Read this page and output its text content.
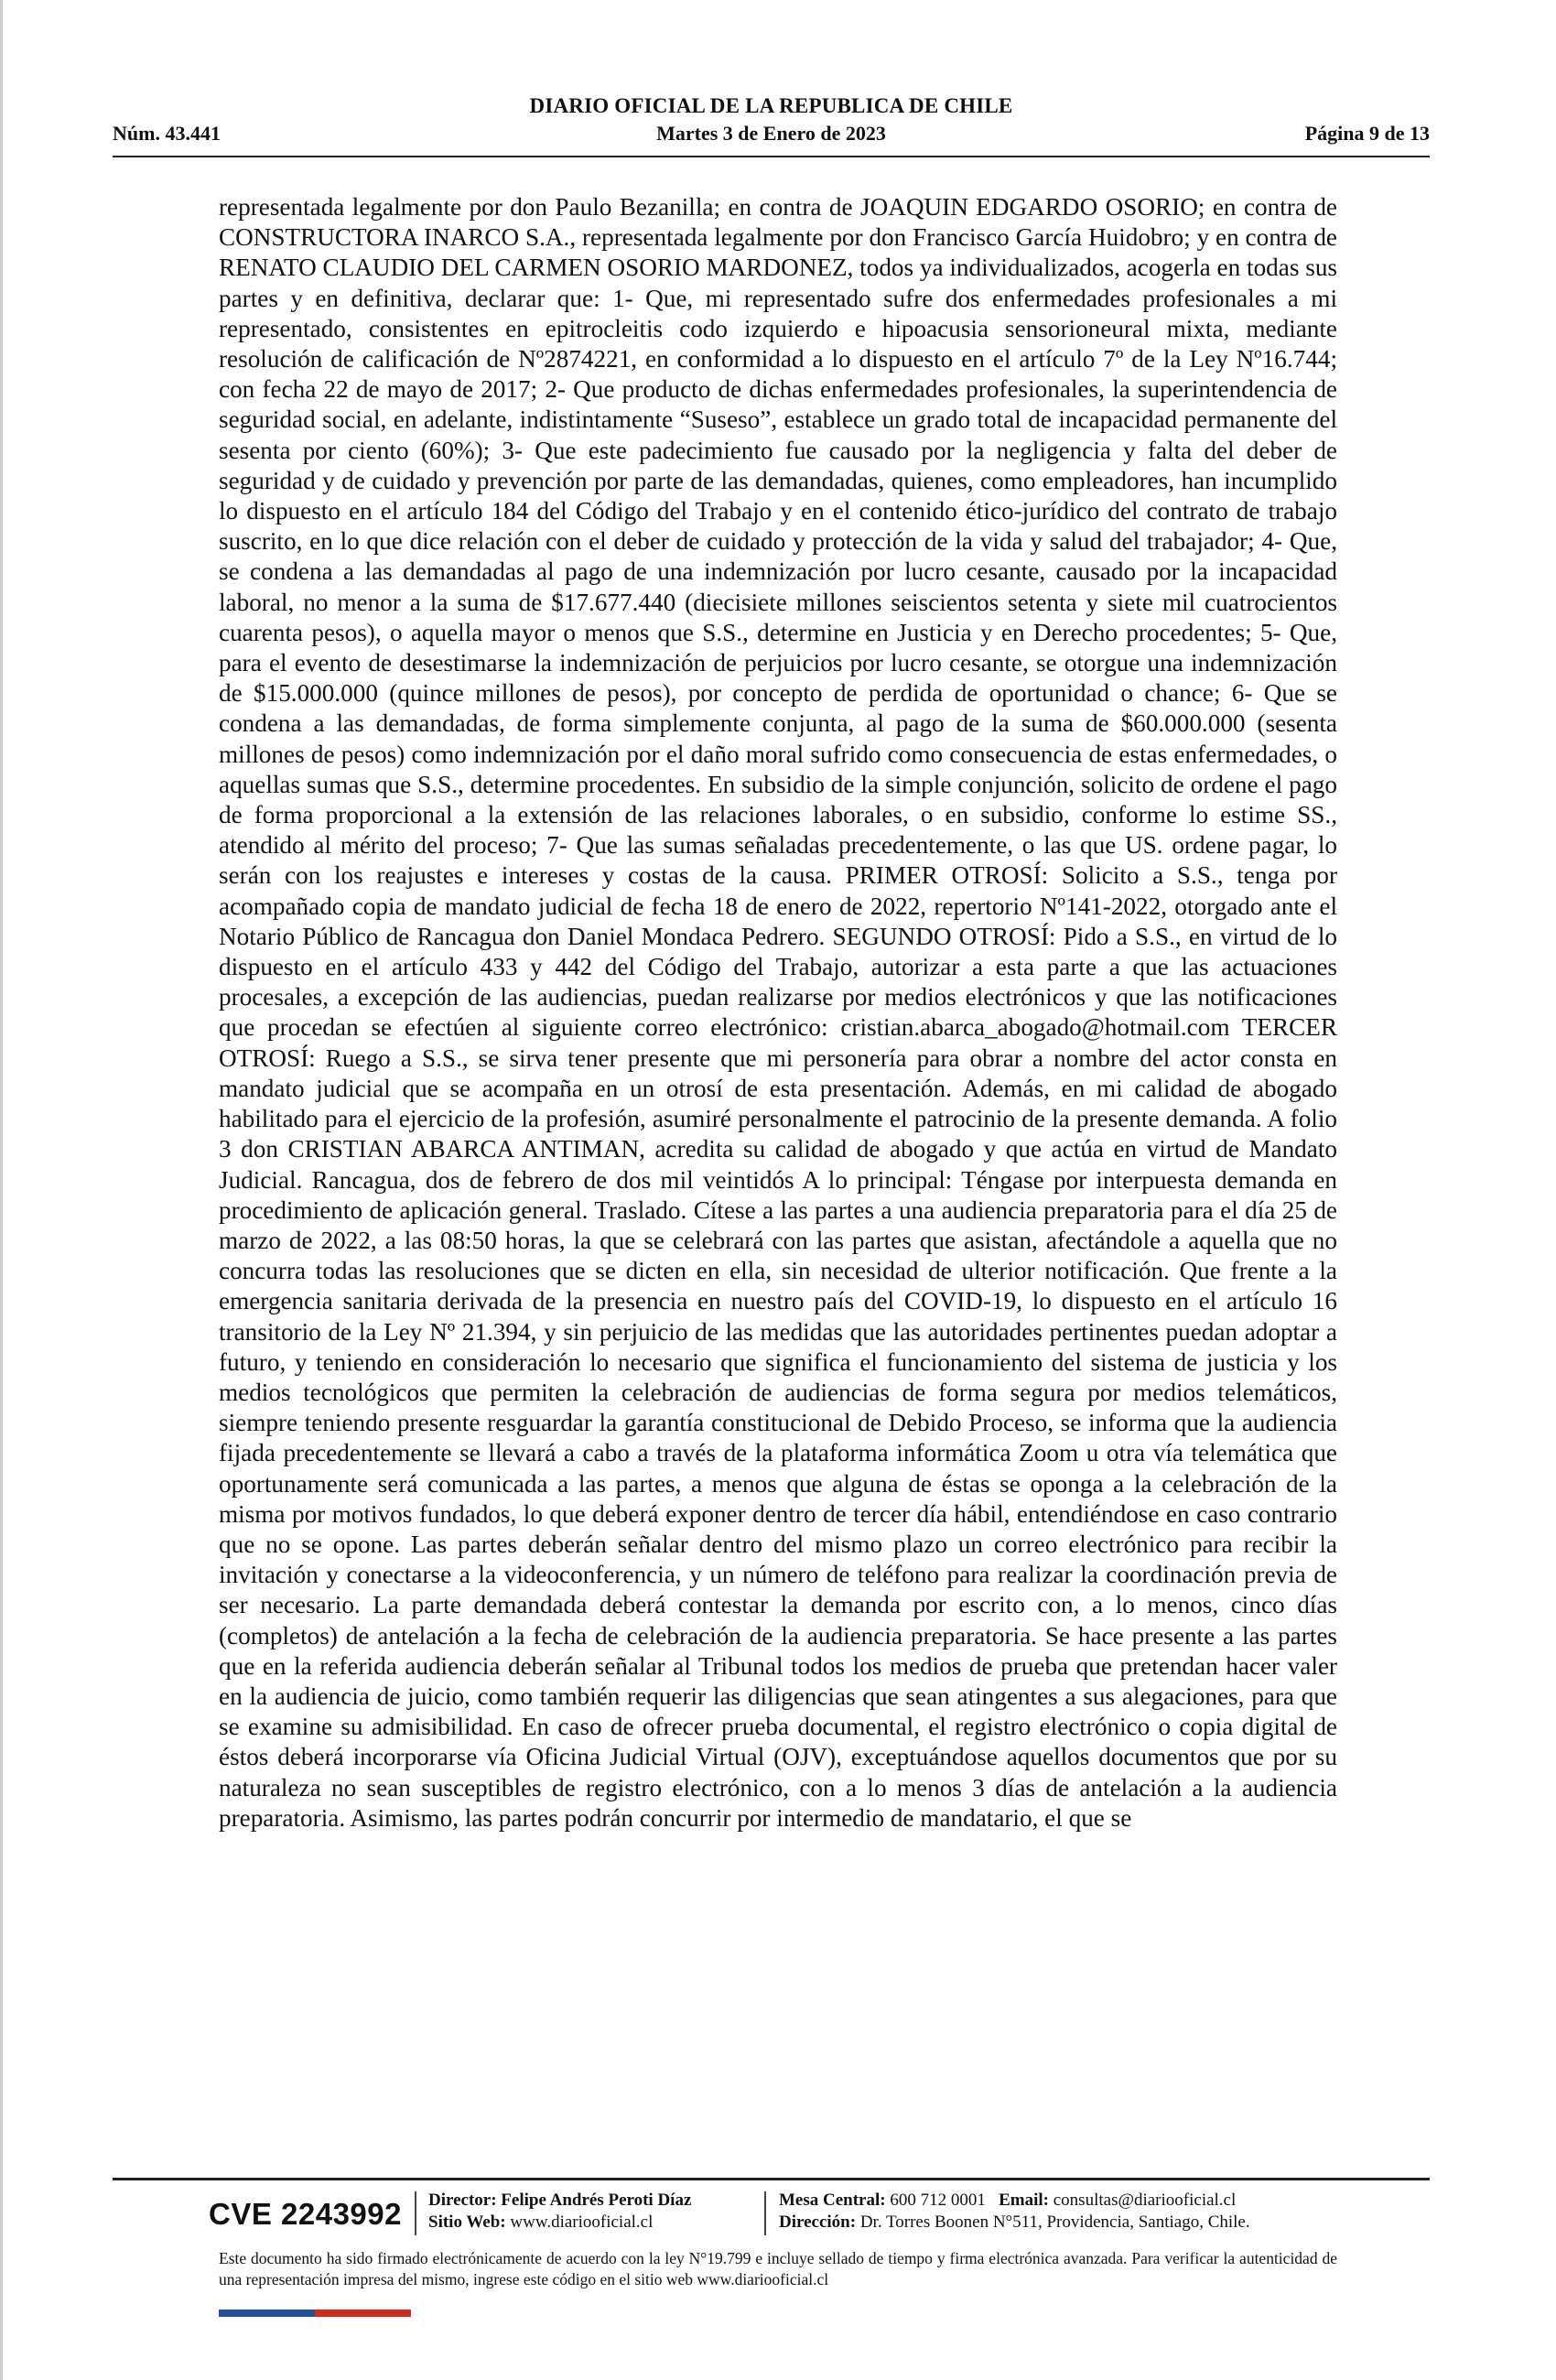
DIARIO OFICIAL DE LA REPUBLICA DE CHILE
Núm. 43.441	Martes 3 de Enero de 2023	Página 9 de 13
representada legalmente por don Paulo Bezanilla; en contra de JOAQUIN EDGARDO OSORIO; en contra de CONSTRUCTORA INARCO S.A., representada legalmente por don Francisco García Huidobro; y en contra de RENATO CLAUDIO DEL CARMEN OSORIO MARDONEZ, todos ya individualizados, acogerla en todas sus partes y en definitiva, declarar que: 1- Que, mi representado sufre dos enfermedades profesionales a mi representado, consistentes en epitrocleitis codo izquierdo e hipoacusia sensorioneural mixta, mediante resolución de calificación de Nº2874221, en conformidad a lo dispuesto en el artículo 7º de la Ley Nº16.744; con fecha 22 de mayo de 2017; 2- Que producto de dichas enfermedades profesionales, la superintendencia de seguridad social, en adelante, indistintamente “Suseso”, establece un grado total de incapacidad permanente del sesenta por ciento (60%); 3- Que este padecimiento fue causado por la negligencia y falta del deber de seguridad y de cuidado y prevención por parte de las demandadas, quienes, como empleadores, han incumplido lo dispuesto en el artículo 184 del Código del Trabajo y en el contenido ético-jurídico del contrato de trabajo suscrito, en lo que dice relación con el deber de cuidado y protección de la vida y salud del trabajador; 4- Que, se condena a las demandadas al pago de una indemnización por lucro cesante, causado por la incapacidad laboral, no menor a la suma de $17.677.440 (diecisiete millones seiscientos setenta y siete mil cuatrocientos cuarenta pesos), o aquella mayor o menos que S.S., determine en Justicia y en Derecho procedentes; 5- Que, para el evento de desestimarse la indemnización de perjuicios por lucro cesante, se otorgue una indemnización de $15.000.000 (quince millones de pesos), por concepto de perdida de oportunidad o chance; 6- Que se condena a las demandadas, de forma simplemente conjunta, al pago de la suma de $60.000.000 (sesenta millones de pesos) como indemnización por el daño moral sufrido como consecuencia de estas enfermedades, o aquellas sumas que S.S., determine procedentes. En subsidio de la simple conjunción, solicito de ordene el pago de forma proporcional a la extensión de las relaciones laborales, o en subsidio, conforme lo estime SS., atendido al mérito del proceso; 7- Que las sumas señaladas precedentemente, o las que US. ordene pagar, lo serán con los reajustes e intereses y costas de la causa. PRIMER OTROSÍ: Solicito a S.S., tenga por acompañado copia de mandato judicial de fecha 18 de enero de 2022, repertorio Nº141-2022, otorgado ante el Notario Público de Rancagua don Daniel Mondaca Pedrero. SEGUNDO OTROSÍ: Pido a S.S., en virtud de lo dispuesto en el artículo 433 y 442 del Código del Trabajo, autorizar a esta parte a que las actuaciones procesales, a excepción de las audiencias, puedan realizarse por medios electrónicos y que las notificaciones que procedan se efectúen al siguiente correo electrónico: cristian.abarca_abogado@hotmail.com TERCER OTROSÍ: Ruego a S.S., se sirva tener presente que mi personería para obrar a nombre del actor consta en mandato judicial que se acompaña en un otrosí de esta presentación. Además, en mi calidad de abogado habilitado para el ejercicio de la profesión, asumiré personalmente el patrocinio de la presente demanda. A folio 3 don CRISTIAN ABARCA ANTIMAN, acredita su calidad de abogado y que actúa en virtud de Mandato Judicial. Rancagua, dos de febrero de dos mil veintidós A lo principal: Téngase por interpuesta demanda en procedimiento de aplicación general. Traslado. Cítese a las partes a una audiencia preparatoria para el día 25 de marzo de 2022, a las 08:50 horas, la que se celebrará con las partes que asistan, afectándole a aquella que no concurra todas las resoluciones que se dicten en ella, sin necesidad de ulterior notificación. Que frente a la emergencia sanitaria derivada de la presencia en nuestro país del COVID-19, lo dispuesto en el artículo 16 transitorio de la Ley Nº 21.394, y sin perjuicio de las medidas que las autoridades pertinentes puedan adoptar a futuro, y teniendo en consideración lo necesario que significa el funcionamiento del sistema de justicia y los medios tecnológicos que permiten la celebración de audiencias de forma segura por medios telemáticos, siempre teniendo presente resguardar la garantía constitucional de Debido Proceso, se informa que la audiencia fijada precedentemente se llevará a cabo a través de la plataforma informática Zoom u otra vía telemática que oportunamente será comunicada a las partes, a menos que alguna de éstas se oponga a la celebración de la misma por motivos fundados, lo que deberá exponer dentro de tercer día hábil, entendiéndose en caso contrario que no se opone. Las partes deberán señalar dentro del mismo plazo un correo electrónico para recibir la invitación y conectarse a la videoconferencia, y un número de teléfono para realizar la coordinación previa de ser necesario. La parte demandada deberá contestar la demanda por escrito con, a lo menos, cinco días (completos) de antelación a la fecha de celebración de la audiencia preparatoria. Se hace presente a las partes que en la referida audiencia deberán señalar al Tribunal todos los medios de prueba que pretendan hacer valer en la audiencia de juicio, como también requerir las diligencias que sean atingentes a sus alegaciones, para que se examine su admisibilidad. En caso de ofrecer prueba documental, el registro electrónico o copia digital de éstos deberá incorporarse vía Oficina Judicial Virtual (OJV), exceptuándose aquellos documentos que por su naturaleza no sean susceptibles de registro electrónico, con a lo menos 3 días de antelación a la audiencia preparatoria. Asimismo, las partes podrán concurrir por intermedio de mandatario, el que se
CVE 2243992 Director: Felipe Andrés Peroti Díaz
Sitio Web: www.diariooficial.cl
Mesa Central: 600 712 0001 Email: consultas@diariooficial.cl
Dirección: Dr. Torres Boonen N°511, Providencia, Santiago, Chile.
Este documento ha sido firmado electrónicamente de acuerdo con la ley N°19.799 e incluye sellado de tiempo y firma electrónica avanzada. Para verificar la autenticidad de una representación impresa del mismo, ingrese este código en el sitio web www.diariooficial.cl
